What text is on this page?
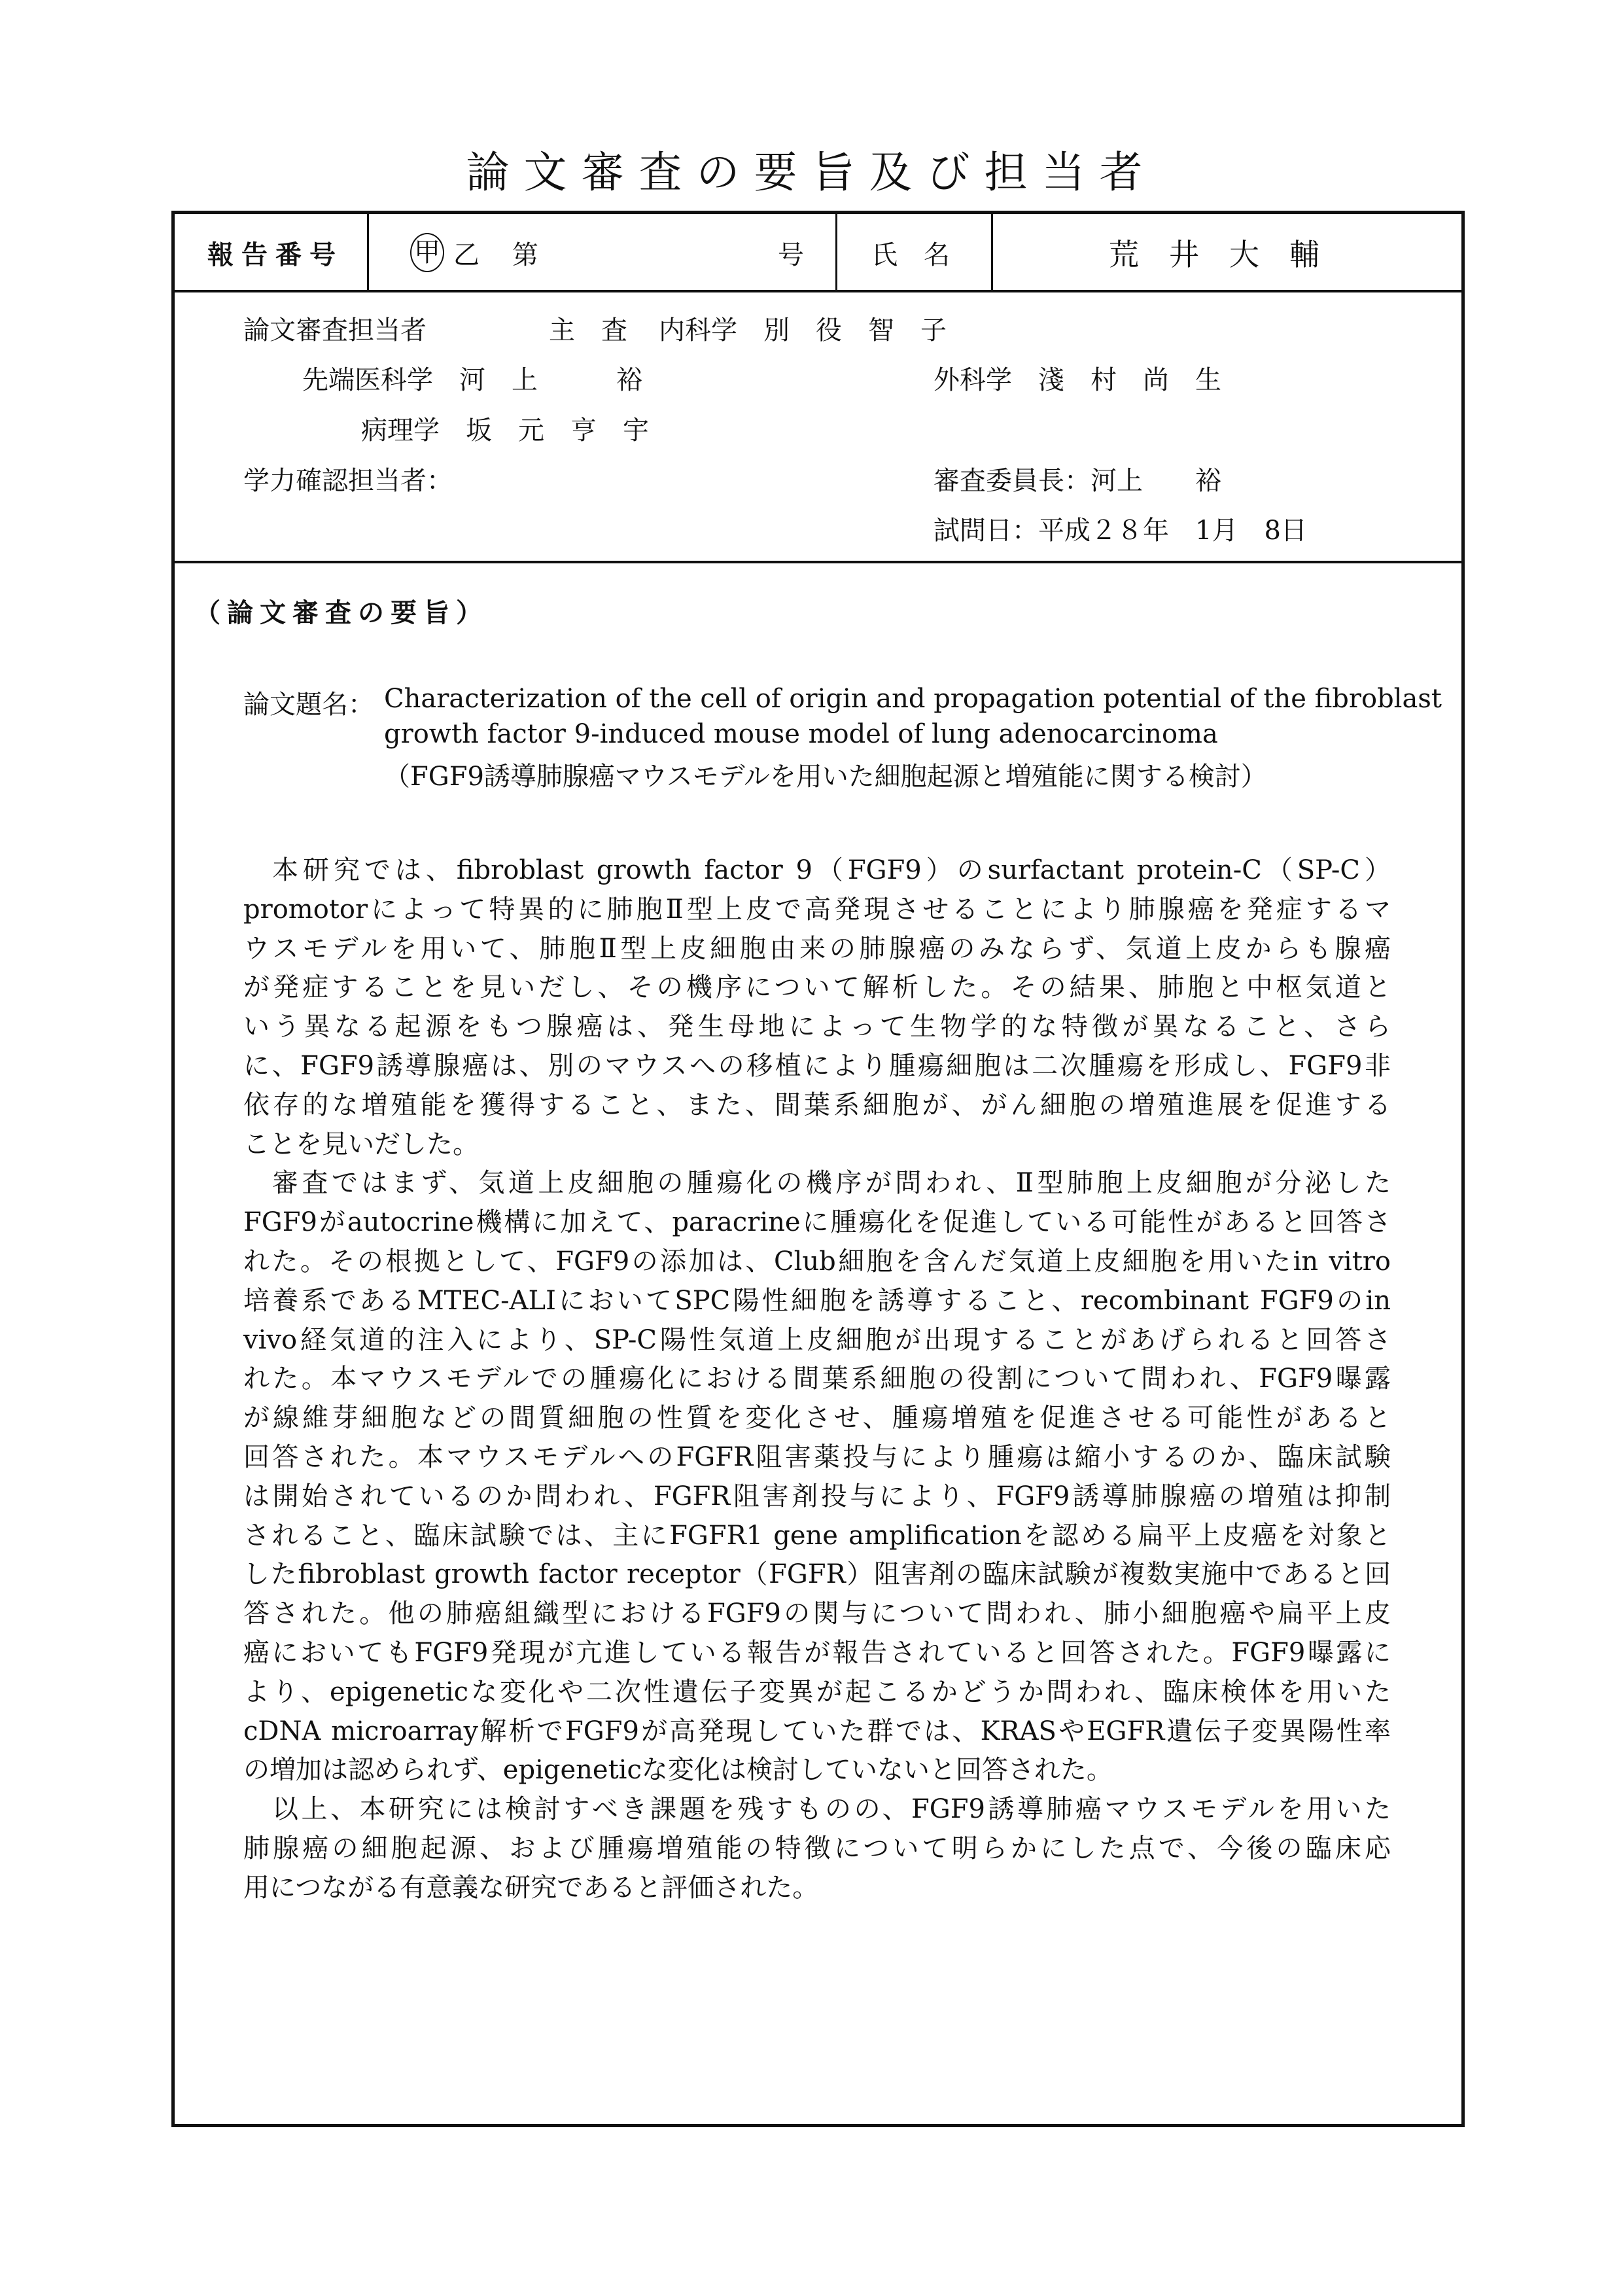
論文審査の要旨及び担当者
報告番号	甲 乙 第	号	氏　名	荒　井　大　輔
論文審査担当者	主　査 内科学　別　役　智　子
先端医科学　河　上　　　裕	外科学　淺　村　尚　生
病理学　坂　元　亨　宇
学力確認担当者：	審査委員長：河上　　裕
試問日：平成２８年　1月　8日
（論文審査の要旨）
論文題名： Characterization of the cell of origin and propagation potential of the fibroblast
growth factor 9-induced mouse model of lung adenocarcinoma
（FGF9誘導肺腺癌マウスモデルを用いた細胞起源と増殖能に関する検討）
本研究では、fibroblast growth factor 9（FGF9）のsurfactant protein-C（SP-C）
promotorによって特異的に肺胞Ⅱ型上皮で高発現させることにより肺腺癌を発症するマ
ウスモデルを用いて、肺胞Ⅱ型上皮細胞由来の肺腺癌のみならず、気道上皮からも腺癌
が発症することを見いだし、その機序について解析した。その結果、肺胞と中枢気道と
いう異なる起源をもつ腺癌は、発生母地によって生物学的な特徴が異なること、さら
に、FGF9誘導腺癌は、別のマウスへの移植により腫瘍細胞は二次腫瘍を形成し、FGF9非
依存的な増殖能を獲得すること、また、間葉系細胞が、がん細胞の増殖進展を促進する
ことを見いだした。
審査ではまず、気道上皮細胞の腫瘍化の機序が問われ、Ⅱ型肺胞上皮細胞が分泌した
FGF9がautocrine機構に加えて、paracrineに腫瘍化を促進している可能性があると回答さ
れた。その根拠として、FGF9の添加は、Club細胞を含んだ気道上皮細胞を用いたin vitro
培養系であるMTEC-ALIにおいてSPC陽性細胞を誘導すること、recombinant FGF9のin
vivo経気道的注入により、SP-C陽性気道上皮細胞が出現することがあげられると回答さ
れた。本マウスモデルでの腫瘍化における間葉系細胞の役割について問われ、FGF9曝露
が線維芽細胞などの間質細胞の性質を変化させ、腫瘍増殖を促進させる可能性があると
回答された。本マウスモデルへのFGFR阻害薬投与により腫瘍は縮小するのか、臨床試験
は開始されているのか問われ、FGFR阻害剤投与により、FGF9誘導肺腺癌の増殖は抑制
されること、臨床試験では、主にFGFR1 gene amplificationを認める扁平上皮癌を対象と
したfibroblast growth factor receptor（FGFR）阻害剤の臨床試験が複数実施中であると回
答された。他の肺癌組織型におけるFGF9の関与について問われ、肺小細胞癌や扁平上皮
癌においてもFGF9発現が亢進している報告が報告されていると回答された。FGF9曝露に
より、epigeneticな変化や二次性遺伝子変異が起こるかどうか問われ、臨床検体を用いた
cDNA microarray解析でFGF9が高発現していた群では、KRASやEGFR遺伝子変異陽性率
の増加は認められず、epigeneticな変化は検討していないと回答された。
以上、本研究には検討すべき課題を残すものの、FGF9誘導肺癌マウスモデルを用いた
肺腺癌の細胞起源、および腫瘍増殖能の特徴について明らかにした点で、今後の臨床応
用につながる有意義な研究であると評価された。
